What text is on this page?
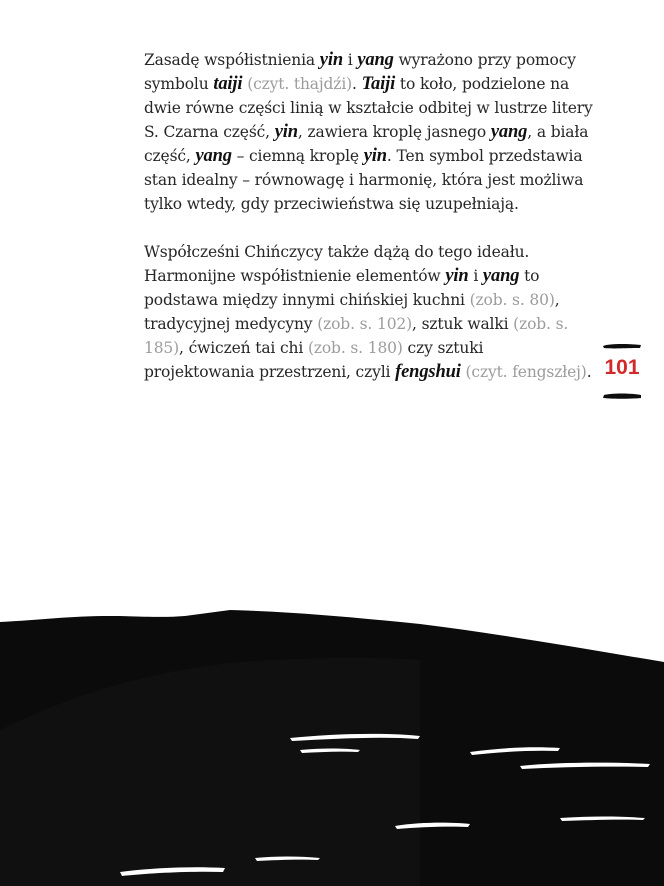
Zasadę współistnienia yin i yang wyrażono przy pomocy symbolu taiji (czyt. thajdźi). Taiji to koło, podzielone na dwie równe części linią w kształcie odbitej w lustrze litery S. Czarna część, yin, zawiera kroplę jasnego yang, a biała część, yang – ciemną kroplę yin. Ten symbol przedstawia stan idealny – równowagę i harmonię, która jest możliwa tylko wtedy, gdy przeciwieństwa się uzupełniają.

Współcześni Chińczycy także dążą do tego ideału. Harmonijne współistnienie elementów yin i yang to podstawa między innymi chińskiej kuchni (zob. s. 80), tradycyjnej medycyny (zob. s. 102), sztuk walki (zob. s. 185), ćwiczeń tai chi (zob. s. 180) czy sztuki projektowania przestrzeni, czyli fengshui (czyt. fengszłej). 101
